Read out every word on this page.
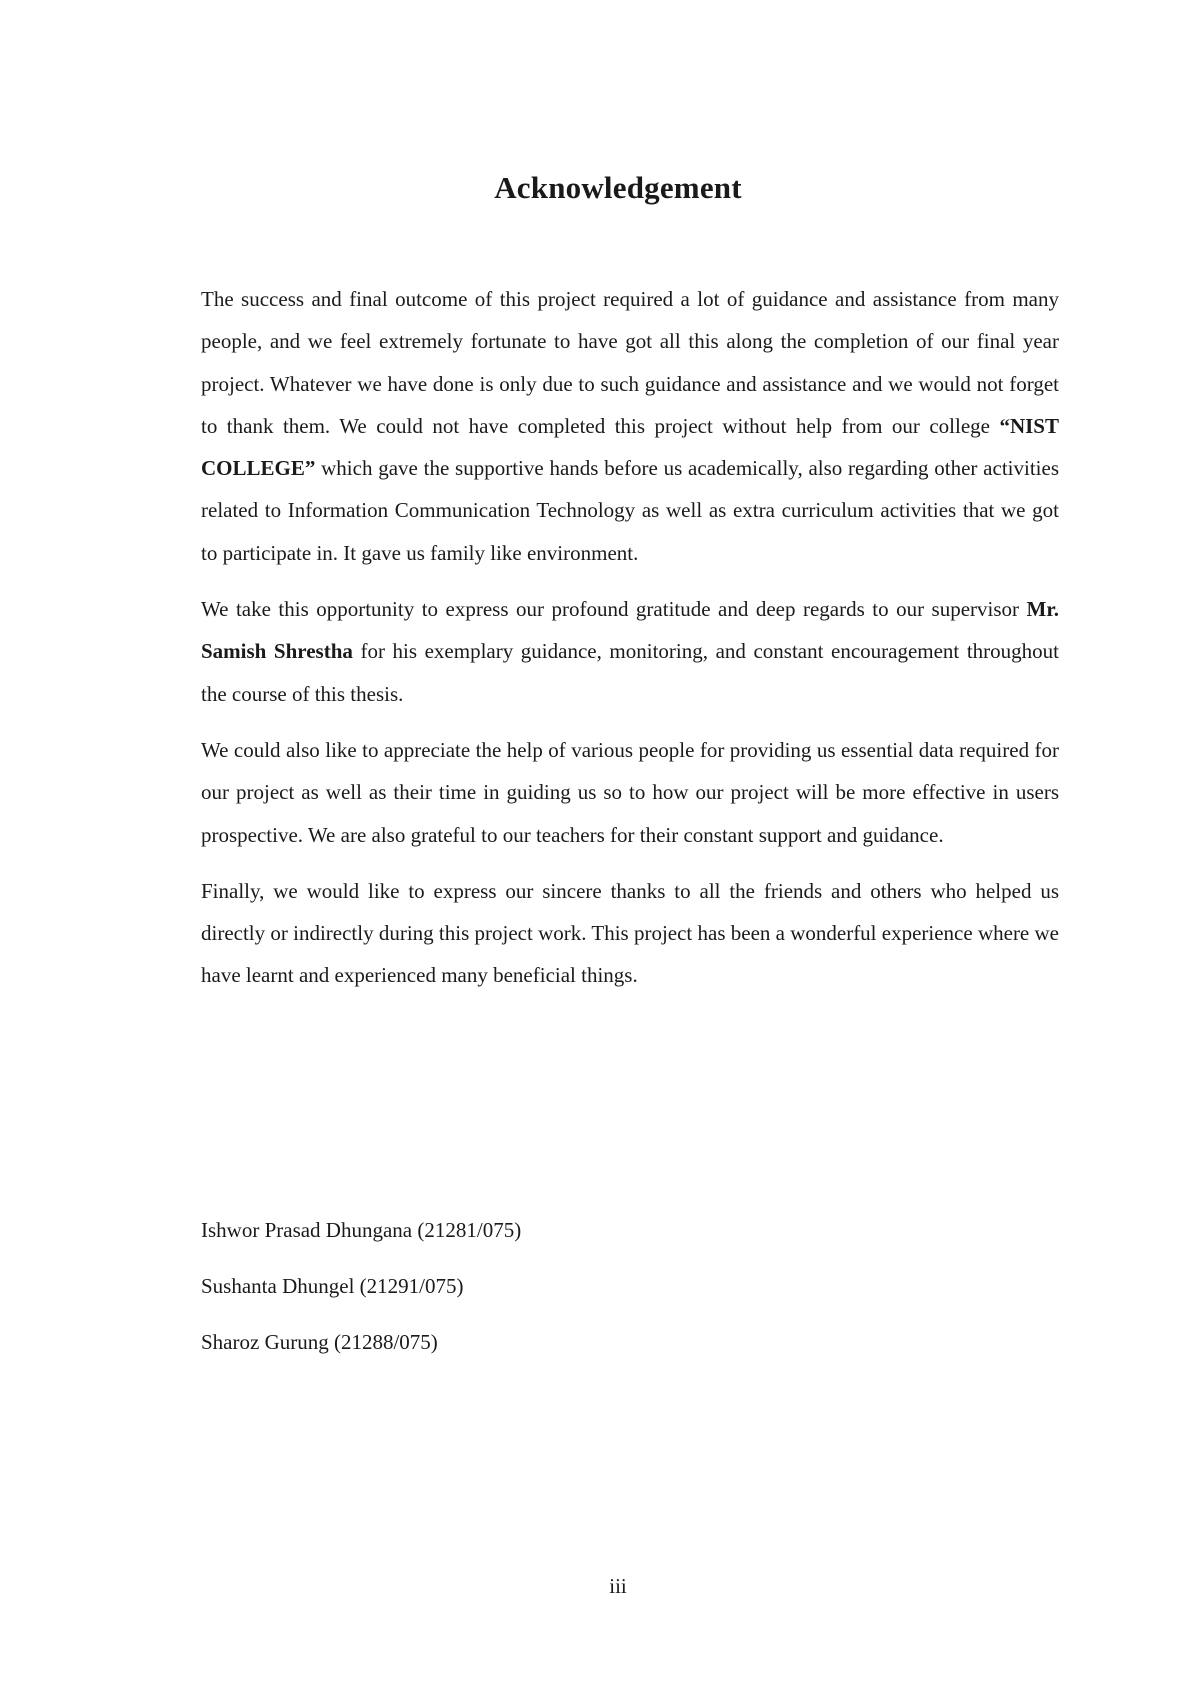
Acknowledgement

The success and final outcome of this project required a lot of guidance and assistance from many people, and we feel extremely fortunate to have got all this along the completion of our final year project. Whatever we have done is only due to such guidance and assistance and we would not forget to thank them. We could not have completed this project without help from our college “NIST COLLEGE” which gave the supportive hands before us academically, also regarding other activities related to Information Communication Technology as well as extra curriculum activities that we got to participate in. It gave us family like environment.

We take this opportunity to express our profound gratitude and deep regards to our supervisor Mr. Samish Shrestha for his exemplary guidance, monitoring, and constant encouragement throughout the course of this thesis.

We could also like to appreciate the help of various people for providing us essential data required for our project as well as their time in guiding us so to how our project will be more effective in users prospective. We are also grateful to our teachers for their constant support and guidance.

Finally, we would like to express our sincere thanks to all the friends and others who helped us directly or indirectly during this project work. This project has been a wonderful experience where we have learnt and experienced many beneficial things.

Ishwor Prasad Dhungana (21281/075)
Sushanta Dhungel (21291/075)
Sharoz Gurung (21288/075)
iii
